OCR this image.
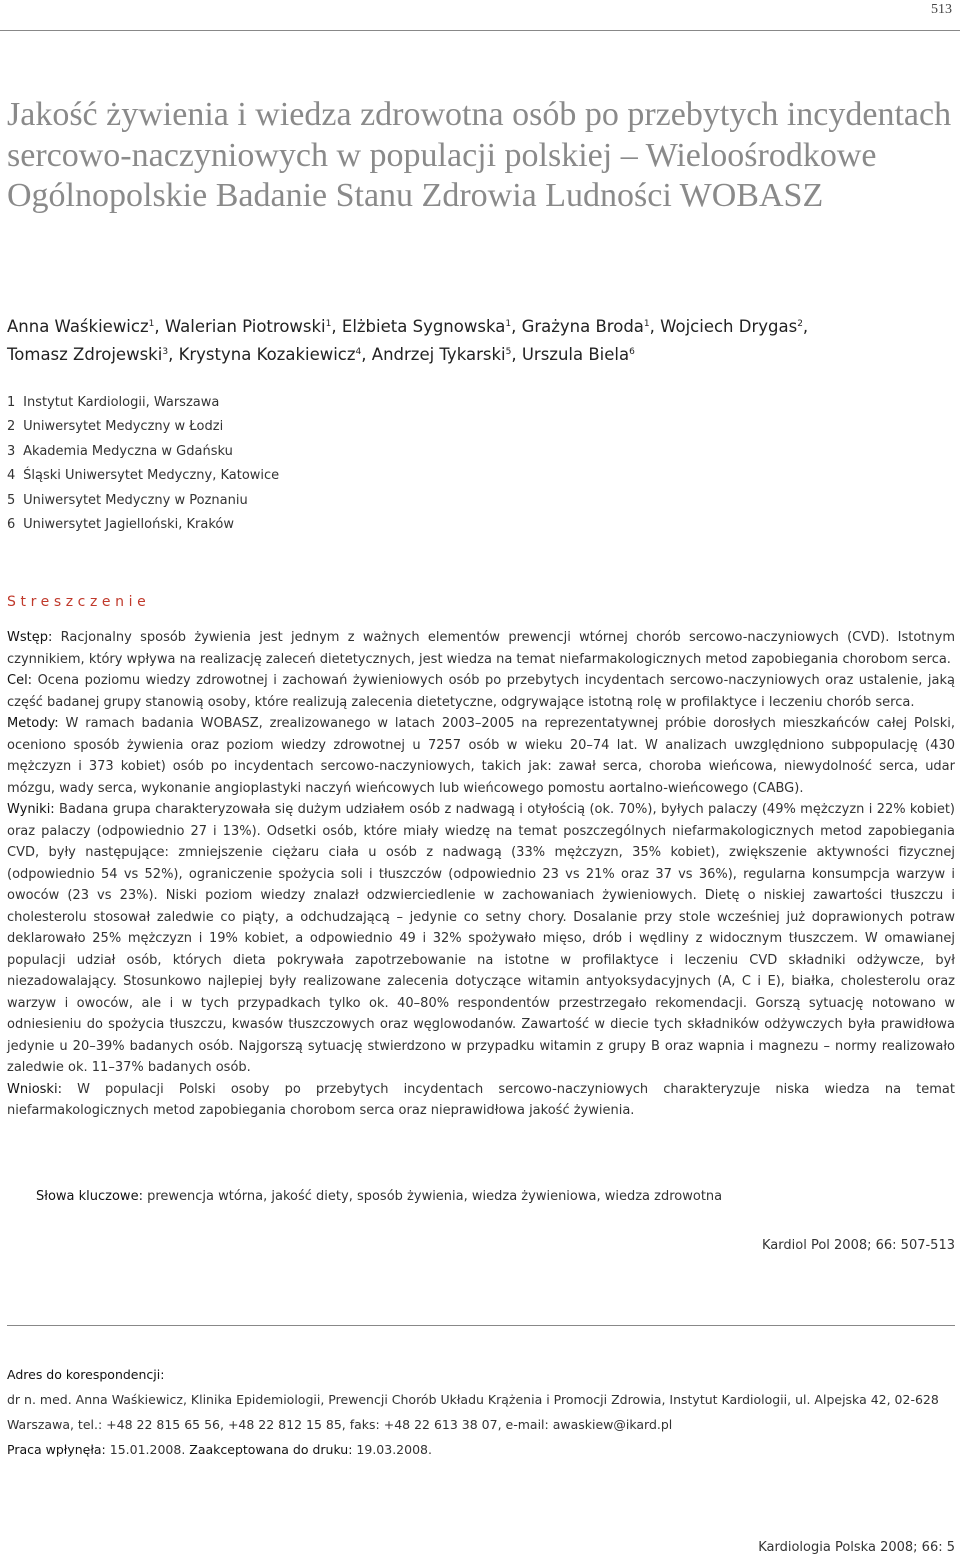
513
Jakość żywienia i wiedza zdrowotna osób po przebytych incydentach sercowo-naczyniowych w populacji polskiej – Wieloośrodkowe Ogólnopolskie Badanie Stanu Zdrowia Ludności WOBASZ
Anna Waśkiewicz$^1$, Walerian Piotrowski$^1$, Elżbieta Sygnowska$^1$, Grażyna Broda$^1$, Wojciech Drygas$^2$,
Tomasz Zdrojewski$^3$, Krystyna Kozakiewicz$^4$, Andrzej Tykarski$^5$, Urszula Biela$^6$
1 Instytut Kardiologii, Warszawa
2 Uniwersytet Medyczny w Łodzi
3 Akademia Medyczna w Gdańsku
4 Śląski Uniwersytet Medyczny, Katowice
5 Uniwersytet Medyczny w Poznaniu
6 Uniwersytet Jagielloński, Kraków
Streszczenie

Wstęp: Racjonalny sposób żywienia jest jednym z ważnych elementów prewencji wtórnej chorób sercowo-naczyniowych (CVD). Istotnym czynnikiem, który wpływa na realizację zaleceń dietetycznych, jest wiedza na temat niefarmakologicznych metod zapobiegania chorobom serca.

Cel: Ocena poziomu wiedzy zdrowotnej i zachowań żywieniowych osób po przebytych incydentach sercowo-naczyniowych oraz ustalenie, jaką część badanej grupy stanowią osoby, które realizują zalecenia dietetyczne, odgrywające istotną rolę w profilaktyce i leczeniu chorób serca.

Metody: W ramach badania WOBASZ, zrealizowanego w latach 2003–2005 na reprezentatywnej próbie dorosłych mieszkańców całej Polski, oceniono sposób żywienia oraz poziom wiedzy zdrowotnej u 7257 osób w wieku 20–74 lat. W analizach uwzględniono subpopulację (430 mężczyzn i 373 kobiet) osób po incydentach sercowo-naczyniowych, takich jak: zawał serca, choroba wieńcowa, niewydolność serca, udar mózgu, wady serca, wykonanie angioplastyki naczyń wieńcowych lub wieńcowego pomostu aortalno-wieńcowego (CABG).

Wyniki: Badana grupa charakteryzowała się dużym udziałem osób z nadwagą i otyłością (ok. 70%), byłych palaczy (49% mężczyzn i 22% kobiet) oraz palaczy (odpowiednio 27 i 13%). Odsetki osób, które miały wiedzę na temat poszczególnych niefarmakologicznych metod zapobiegania CVD, były następujące: zmniejszenie ciężaru ciała u osób z nadwagą (33% mężczyzn, 35% kobiet), zwiększenie aktywności fizycznej (odpowiednio 54 vs 52%), ograniczenie spożycia soli i tłuszczów (odpowiednio 23 vs 21% oraz 37 vs 36%), regularna konsumpcja warzyw i owoców (23 vs 23%). Niski poziom wiedzy znalazł odzwierciedlenie w zachowaniach żywieniowych. Dietę o niskiej zawartości tłuszczu i cholesterolu stosował zaledwie co piąty, a odchudzającą – jedynie co setny chory. Dosalanie przy stole wcześniej już doprawionych potraw deklarowało 25% mężczyzn i 19% kobiet, a odpowiednio 49 i 32% spożywało mięso, drób i wędliny z widocznym tłuszczem. W omawianej populacji udział osób, których dieta pokrywała zapotrzebowanie na istotne w profilaktyce i leczeniu CVD składniki odżywcze, był niezadowalający. Stosunkowo najlepiej były realizowane zalecenia dotyczące witamin antyoksydacyjnych (A, C i E), białka, cholesterolu oraz warzyw i owoców, ale i w tych przypadkach tylko ok. 40–80% respondentów przestrzegało rekomendacji. Gorszą sytuację notowano w odniesieniu do spożycia tłuszczu, kwasów tłuszczowych oraz węglowodanów. Zawartość w diecie tych składników odżywczych była prawidłowa jedynie u 20–39% badanych osób. Najgorszą sytuację stwierdzono w przypadku witamin z grupy B oraz wapnia i magnezu – normy realizowało zaledwie ok. 11–37% badanych osób.

Wnioski: W populacji Polski osoby po przebytych incydentach sercowo-naczyniowych charakteryzuje niska wiedza na temat niefarmakologicznych metod zapobiegania chorobom serca oraz nieprawidłowa jakość żywienia.

Słowa kluczowe: prewencja wtórna, jakość diety, sposób żywienia, wiedza żywieniowa, wiedza zdrowotna
Kardiol Pol 2008; 66: 507-513
Adres do korespondencji:
dr n. med. Anna Waśkiewicz, Klinika Epidemiologii, Prewencji Chorób Układu Krążenia i Promocji Zdrowia, Instytut Kardiologii, ul. Alpejska 42, 02-628 Warszawa, tel.: +48 22 815 65 56, +48 22 812 15 85, faks: +48 22 613 38 07, e-mail: awaskiew@ikard.pl
Praca wpłynęła: 15.01.2008. Zaakceptowana do druku: 19.03.2008.
Kardiologia Polska 2008; 66: 5
